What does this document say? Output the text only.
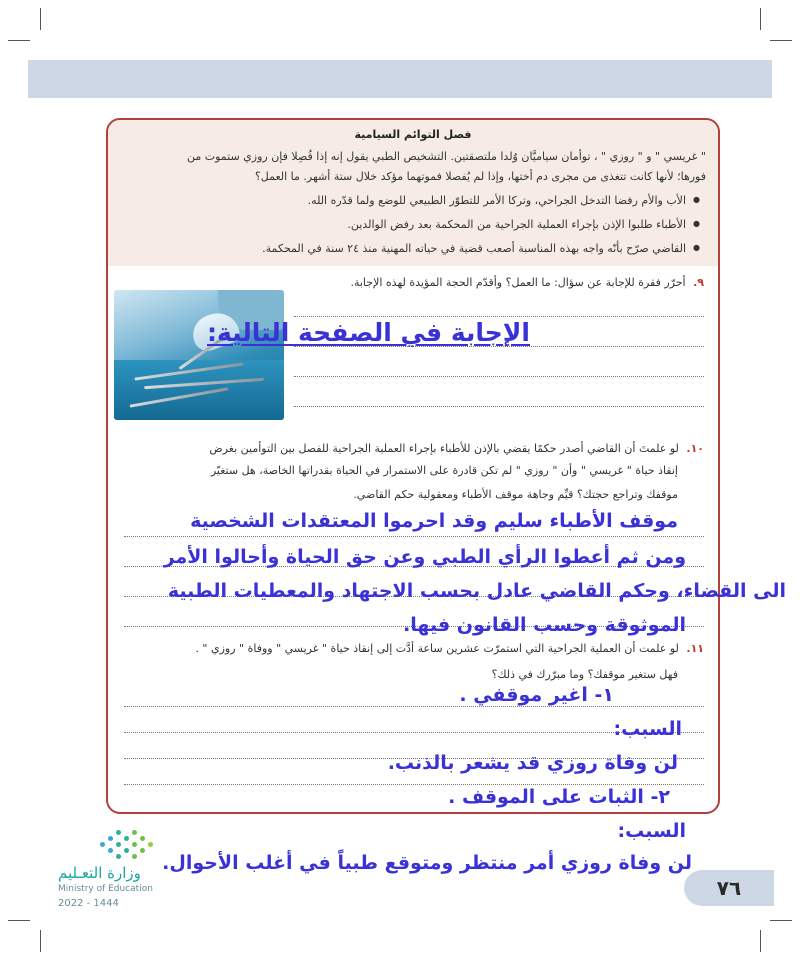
فصل التوائم السيامية
" غريسي " و " روزي " ، توأمان سياميَّان وُلدا ملتصقتين. التشخيص الطبي يقول إنه إذا فُصِلا فإن روزي ستموت من
فورها؛ لأنها كانت تتغذى من مجرى دم أختها، وإذا لم يُفصلا فموتهما مؤكد خلال ستة أشهر. ما العمل؟
● الأب والأم رفضا التدخل الجراحي، وتركا الأمر للتطوّر الطبيعي للوضع ولما قدّره الله.
● الأطباء طلبوا الإذن بإجراء العملية الجراحية من المحكمة بعد رفض الوالدين.
● القاضي صرّح بأنّه واجه بهذه المناسبة أصعب قضية في حياته المهنية منذ ٢٤ سنة في المحكمة.
٩. أحرّر فقرة للإجابة عن سؤال: ما العمل؟ وأقدّم الحجة المؤيدة لهذه الإجابة.
١٠. لو علمتَ أن القاضي أصدر حكمًا يقضي بالإذن للأطباء بإجراء العملية الجراحية للفصل بين التوأمين بغرض
إنقاذ حياة " غريسي " وأن " روزي " لم تكن قادرة على الاستمرار في الحياة بقدراتها الخاصة، هل ستغيّر
موقفك وتراجع حجتك؟ قيِّم وجاهة موقف الأطباء ومعقولية حكم القاضي.
١١. لو علمت أن العملية الجراحية التي استمرّت عشرين ساعة أدَّت إلى إنقاذ حياة " غريسي " ووفاة " روزي " .
فهل ستغير موقفك؟ وما مبرّرك في ذلك؟
الإجابة في الصفحة التالية:
موقف الأطباء سليم وقد احرموا المعتقدات الشخصية
ومن ثم أعطوا الرأي الطبي وعن حق الحياة وأحالوا الأمر
الى القضاء، وحكم القاضي عادل بحسب الاجتهاد والمعطيات الطبية
الموثوقة وحسب القانون فيها.
١- اغير موقفي .
السبب:
لن وفاة روزي قد يشعر بالذنب.
٢- الثبات على الموقف .
السبب:
لن وفاة روزي أمر منتظر ومتوقع طبياً في أغلب الأحوال.
وزارة التعـليم
Ministry of Education
2022 - 1444
٧٦
